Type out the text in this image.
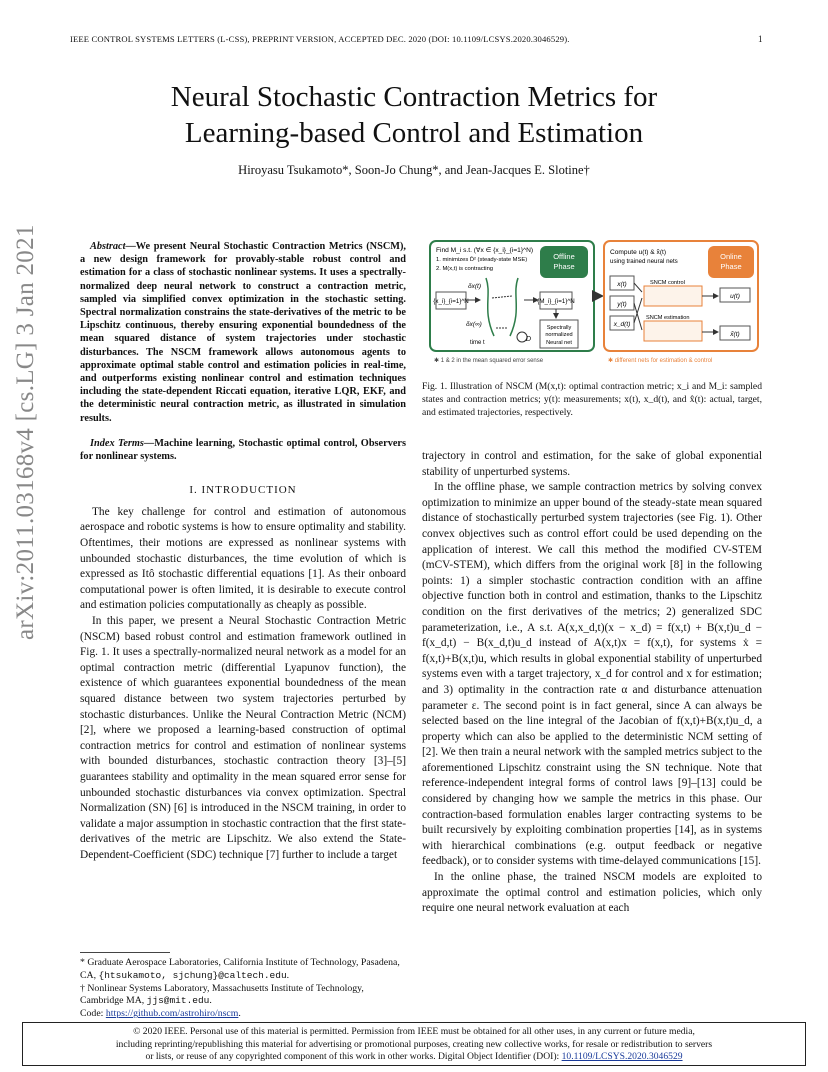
IEEE CONTROL SYSTEMS LETTERS (L-CSS), PREPRINT VERSION, ACCEPTED DEC. 2020 (DOI: 10.1109/LCSYS.2020.3046529).	1
arXiv:2011.03168v4 [cs.LG] 3 Jan 2021
Neural Stochastic Contraction Metrics for
Learning-based Control and Estimation
Hiroyasu Tsukamoto*, Soon-Jo Chung*, and Jean-Jacques E. Slotine†

Abstract—We present Neural Stochastic Contraction Metrics (NSCM), a new design framework for provably-stable robust control and estimation for a class of stochastic nonlinear systems. It uses a spectrally-normalized deep neural network to construct a contraction metric, sampled via simplified convex optimization in the stochastic setting. Spectral normalization constrains the state-derivatives of the metric to be Lipschitz continuous, thereby ensuring exponential boundedness of the mean squared distance of system trajectories under stochastic disturbances. The NSCM framework allows autonomous agents to approximate optimal stable control and estimation policies in real-time, and outperforms existing nonlinear control and estimation techniques including the state-dependent Riccati equation, iterative LQR, EKF, and the deterministic neural contraction metric, as illustrated in simulation results.

Index Terms—Machine learning, Stochastic optimal control, Observers for nonlinear systems.

I. INTRODUCTION

The key challenge for control and estimation of autonomous aerospace and robotic systems is how to ensure optimality and stability. Oftentimes, their motions are expressed as nonlinear systems with unbounded stochastic disturbances, the time evolution of which is expressed as Itô stochastic differential equations [1]. As their onboard computational power is often limited, it is desirable to execute control and estimation policies computationally as cheaply as possible.

In this paper, we present a Neural Stochastic Contraction Metric (NSCM) based robust control and estimation framework outlined in Fig. 1. It uses a spectrally-normalized neural network as a model for an optimal contraction metric (differential Lyapunov function), the existence of which guarantees exponential boundedness of the mean squared distance between two system trajectories perturbed by stochastic disturbances. Unlike the Neural Contraction Metric (NCM) [2], where we proposed a learning-based construction of optimal contraction metrics for control and estimation of nonlinear systems with bounded disturbances, stochastic contraction theory [3]–[5] guarantees stability and optimality in the mean squared error sense for unbounded stochastic disturbances via convex optimization. Spectral Normalization (SN) [6] is introduced in the NSCM training, in order to validate a major assumption in stochastic contraction that the first state-derivatives of the metric are Lipschitz. We also extend the State-Dependent-Coefficient (SDC) technique [7] further to include a target

* Graduate Aerospace Laboratories, California Institute of Technology, Pasadena, CA, {htsukamoto, sjchung}@caltech.edu.
† Nonlinear Systems Laboratory, Massachusetts Institute of Technology, Cambridge MA, jjs@mit.edu.
Code: https://github.com/astrohiro/nscm.
Offline
Phase
Find M_i s.t. (∀x ∈ {x_i}_{i=1}^N)
1. minimizes D̄² (steady-state MSE)
2. M(x,t) is contracting
{x_i}_{i=1}^N
δx(t)
δx(∞)
time t	D
{M_i}_{i=1}^N
Spectrally
normalized
Neural net
✱ 1 & 2 in the mean squared error sense
Online
Phase
Compute u(t) & x̂(t)
using trained neural nets
x(t)
y(t)
x_d(t)
SNCM control
SNCM estimation
u(t)
x̂(t)
✱ different nets for estimation & control
Fig. 1. Illustration of NSCM (M(x,t): optimal contraction metric; x_i and M_i: sampled states and contraction metrics; y(t): measurements; x(t), x_d(t), and x̂(t): actual, target, and estimated trajectories, respectively.

trajectory in control and estimation, for the sake of global exponential stability of unperturbed systems.

In the offline phase, we sample contraction metrics by solving convex optimization to minimize an upper bound of the steady-state mean squared distance of stochastically perturbed system trajectories (see Fig. 1). Other convex objectives such as control effort could be used depending on the application of interest. We call this method the modified CV-STEM (mCV-STEM), which differs from the original work [8] in the following points: 1) a simpler stochastic contraction condition with an affine objective function both in control and estimation, thanks to the Lipschitz condition on the first derivatives of the metrics; 2) generalized SDC parameterization, i.e., A s.t. A(x,x_d,t)(x − x_d) = f(x,t) + B(x,t)u_d − f(x_d,t) − B(x_d,t)u_d instead of A(x,t)x = f(x,t), for systems ẋ = f(x,t)+B(x,t)u, which results in global exponential stability of unperturbed systems even with a target trajectory, x_d for control and x for estimation; and 3) optimality in the contraction rate α and disturbance attenuation parameter ε. The second point is in fact general, since A can always be selected based on the line integral of the Jacobian of f(x,t)+B(x,t)u_d, a property which can also be applied to the deterministic NCM setting of [2]. We then train a neural network with the sampled metrics subject to the aforementioned Lipschitz constraint using the SN technique. Note that reference-independent integral forms of control laws [9]–[13] could be considered by changing how we sample the metrics in this phase. Our contraction-based formulation enables larger contracting systems to be built recursively by exploiting combination properties [14], as in systems with hierarchical combinations (e.g. output feedback or negative feedback), or to consider systems with time-delayed communications [15].

In the online phase, the trained NSCM models are exploited to approximate the optimal control and estimation policies, which only require one neural network evaluation at each

© 2020 IEEE. Personal use of this material is permitted. Permission from IEEE must be obtained for all other uses, in any current or future media,
including reprinting/republishing this material for advertising or promotional purposes, creating new collective works, for resale or redistribution to servers
or lists, or reuse of any copyrighted component of this work in other works. Digital Object Identifier (DOI): 10.1109/LCSYS.2020.3046529
